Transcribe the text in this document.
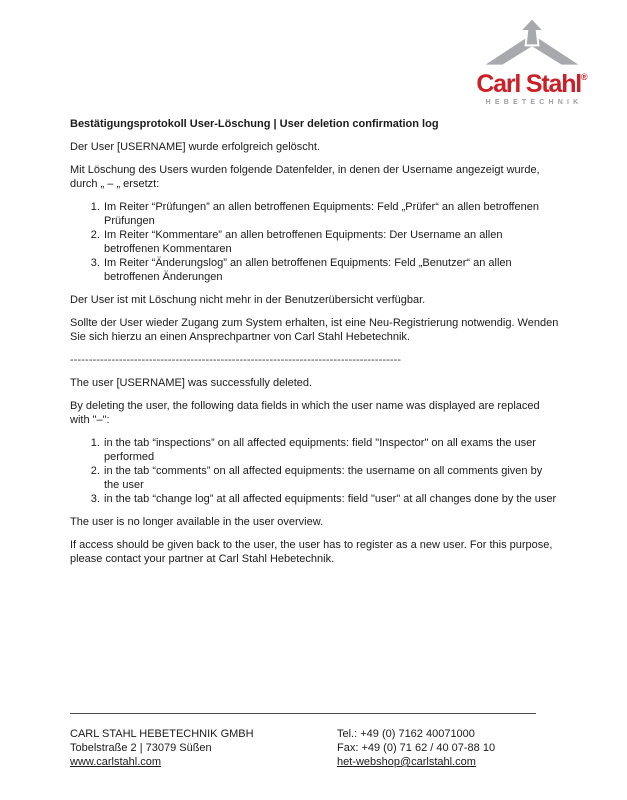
Carl Stahl®
HEBETECHNIK
Bestätigungsprotokoll User-Löschung | User deletion confirmation log

Der User [USERNAME] wurde erfolgreich gelöscht.

Mit Löschung des Users wurden folgende Datenfelder, in denen der Username angezeigt wurde, durch „ – „ ersetzt:

1. Im Reiter “Prüfungen” an allen betroffenen Equipments: Feld „Prüfer“ an allen betroffenen Prüfungen
2. Im Reiter “Kommentare” an allen betroffenen Equipments: Der Username an allen betroffenen Kommentaren
3. Im Reiter “Änderungslog” an allen betroffenen Equipments: Feld „Benutzer“ an allen betroffenen Änderungen

Der User ist mit Löschung nicht mehr in der Benutzerübersicht verfügbar.

Sollte der User wieder Zugang zum System erhalten, ist eine Neu-Registrierung notwendig. Wenden Sie sich hierzu an einen Ansprechpartner von Carl Stahl Hebetechnik.

----------------------------------------------------------------------------------------

The user [USERNAME] was successfully deleted.

By deleting the user, the following data fields in which the user name was displayed are replaced with "–":

1. in the tab “inspections” on all affected equipments: field "Inspector" on all exams the user performed
2. in the tab “comments” on all affected equipments: the username on all comments given by the user
3. in the tab “change log” at all affected equipments: field "user" at all changes done by the user

The user is no longer available in the user overview.

If access should be given back to the user, the user has to register as a new user. For this purpose, please contact your partner at Carl Stahl Hebetechnik.

CARL STAHL HEBETECHNIK GMBH
Tobelstraße 2 | 73079 Süßen
www.carlstahl.com
Tel.: +49 (0) 7162 40071000
Fax: +49 (0) 71 62 / 40 07-88 10
het-webshop@carlstahl.com
